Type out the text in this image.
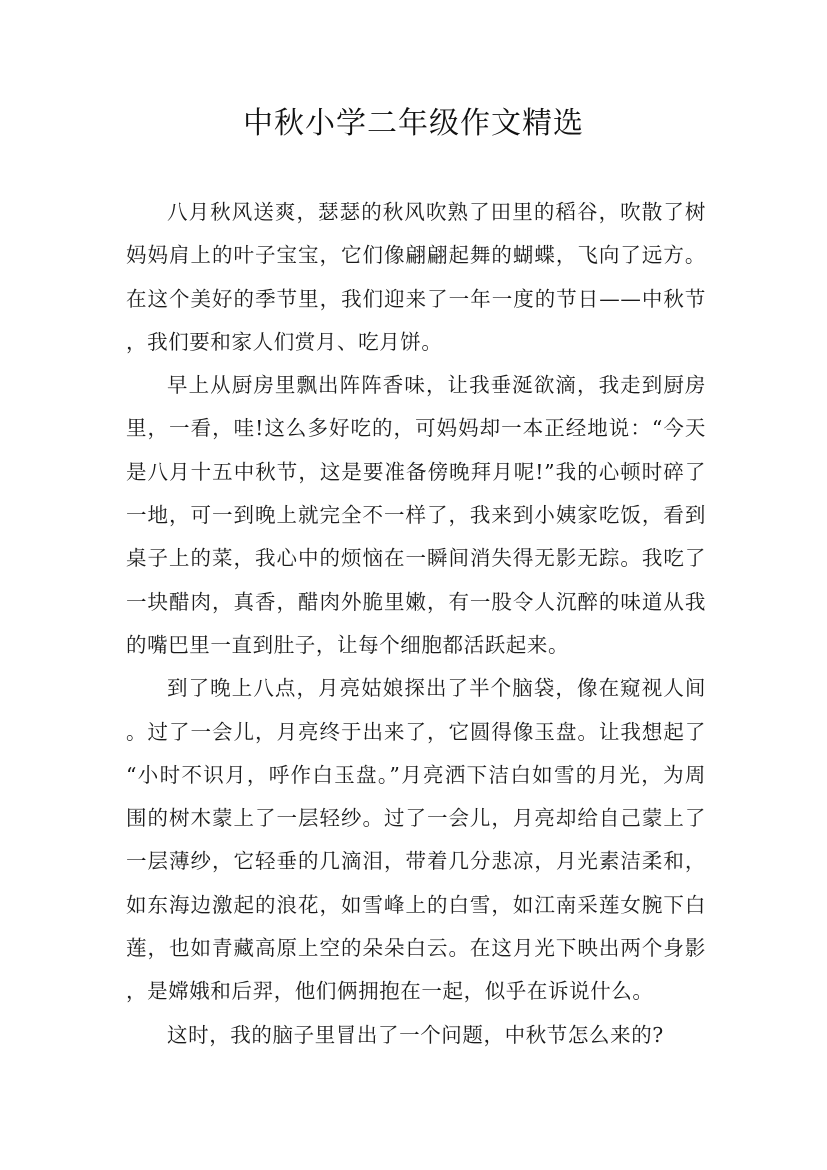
中秋小学二年级作文精选

八月秋风送爽，瑟瑟的秋风吹熟了田里的稻谷，吹散了树妈妈肩上的叶子宝宝，它们像翩翩起舞的蝴蝶，飞向了远方。在这个美好的季节里，我们迎来了一年一度的节日——中秋节，我们要和家人们赏月、吃月饼。

早上从厨房里飘出阵阵香味，让我垂涎欲滴，我走到厨房里，一看，哇!这么多好吃的，可妈妈却一本正经地说：“今天是八月十五中秋节，这是要准备傍晚拜月呢!”我的心顿时碎了一地，可一到晚上就完全不一样了，我来到小姨家吃饭，看到桌子上的菜，我心中的烦恼在一瞬间消失得无影无踪。我吃了一块醋肉，真香，醋肉外脆里嫩，有一股令人沉醉的味道从我的嘴巴里一直到肚子，让每个细胞都活跃起来。

到了晚上八点，月亮姑娘探出了半个脑袋，像在窥视人间。过了一会儿，月亮终于出来了，它圆得像玉盘。让我想起了“小时不识月，呼作白玉盘。”月亮洒下洁白如雪的月光，为周围的树木蒙上了一层轻纱。过了一会儿，月亮却给自己蒙上了一层薄纱，它轻垂的几滴泪，带着几分悲凉，月光素洁柔和，如东海边激起的浪花，如雪峰上的白雪，如江南采莲女腕下白莲，也如青藏高原上空的朵朵白云。在这月光下映出两个身影，是嫦娥和后羿，他们俩拥抱在一起，似乎在诉说什么。

这时，我的脑子里冒出了一个问题，中秋节怎么来的?
